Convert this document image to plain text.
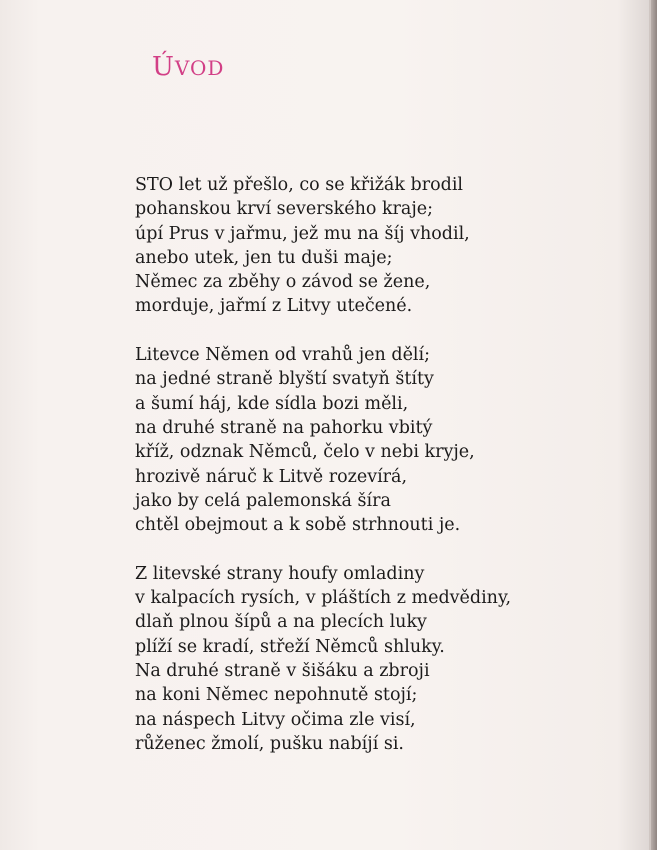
ÚVOD

STO let už přešlo, co se křižák brodil
pohanskou krví severského kraje;
úpí Prus v jařmu, jež mu na šíj vhodil,
anebo utek, jen tu duši maje;
Němec za zběhy o závod se žene,
morduje, jařmí z Litvy utečené.

Litevce Němen od vrahů jen dělí;
na jedné straně blyští svatyň štíty
a šumí háj, kde sídla bozi měli,
na druhé straně na pahorku vbitý
kříž, odznak Němců, čelo v nebi kryje,
hrozivě náruč k Litvě rozevírá,
jako by celá palemonská šíra
chtěl obejmout a k sobě strhnouti je.

Z litevské strany houfy omladiny
v kalpacích rysích, v pláštích z medvědiny,
dlaň plnou šípů a na plecích luky
plíží se kradí, střeží Němců shluky.
Na druhé straně v šišáku a zbroji
na koni Němec nepohnutě stojí;
na náspech Litvy očima zle visí,
růženec žmolí, pušku nabíjí si.
